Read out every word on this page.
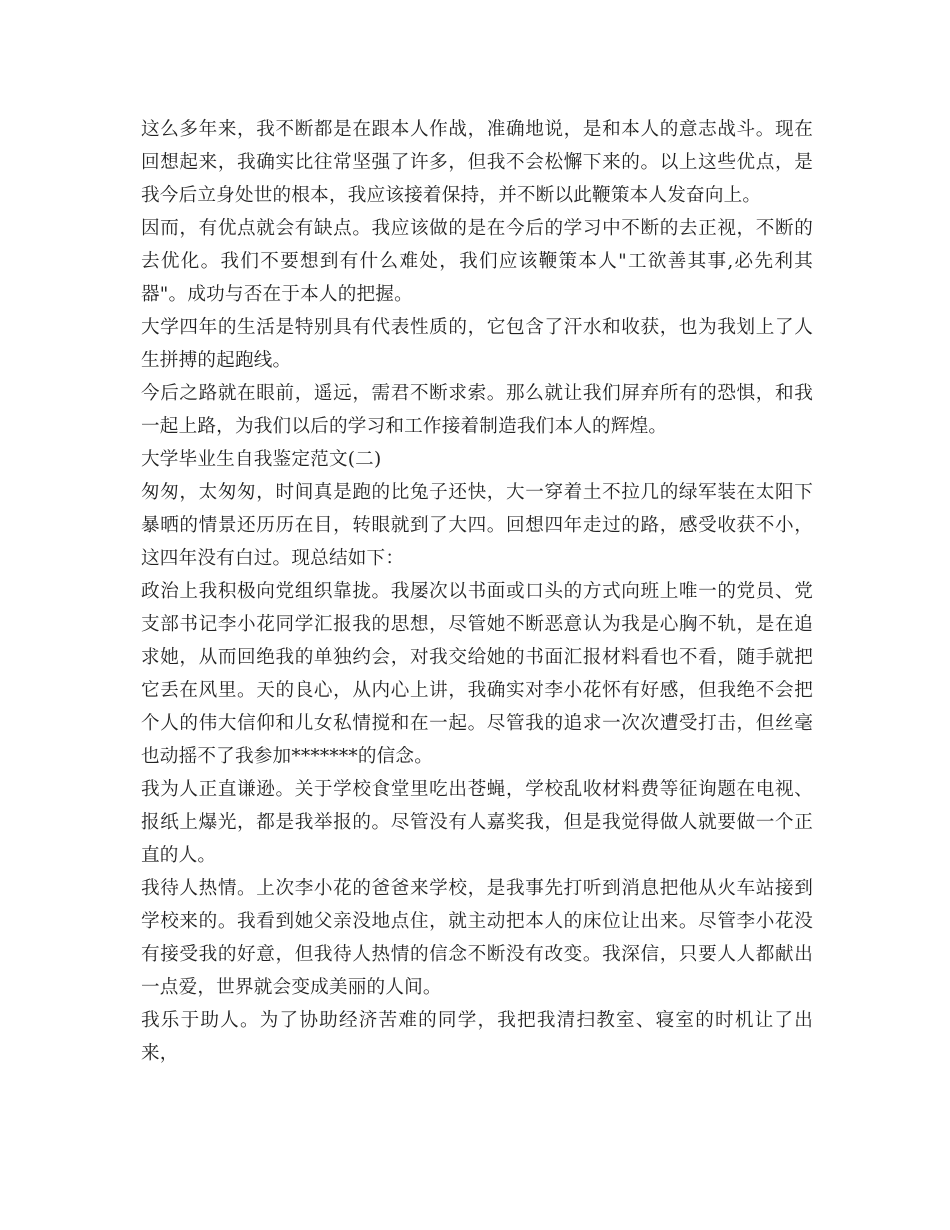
这么多年来，我不断都是在跟本人作战，准确地说，是和本人的意志战斗。现在回想起来，我确实比往常坚强了许多，但我不会松懈下来的。以上这些优点，是我今后立身处世的根本，我应该接着保持，并不断以此鞭策本人发奋向上。

因而，有优点就会有缺点。我应该做的是在今后的学习中不断的去正视，不断的去优化。我们不要想到有什么难处，我们应该鞭策本人"工欲善其事,必先利其器"。成功与否在于本人的把握。

大学四年的生活是特别具有代表性质的，它包含了汗水和收获，也为我划上了人生拼搏的起跑线。

今后之路就在眼前，遥远，需君不断求索。那么就让我们屏弃所有的恐惧，和我一起上路，为我们以后的学习和工作接着制造我们本人的辉煌。

大学毕业生自我鉴定范文(二)

匆匆，太匆匆，时间真是跑的比兔子还快，大一穿着土不拉几的绿军装在太阳下暴晒的情景还历历在目，转眼就到了大四。回想四年走过的路，感受收获不小，这四年没有白过。现总结如下：

政治上我积极向党组织靠拢。我屡次以书面或口头的方式向班上唯一的党员、党支部书记李小花同学汇报我的思想，尽管她不断恶意认为我是心胸不轨，是在追求她，从而回绝我的单独约会，对我交给她的书面汇报材料看也不看，随手就把它丢在风里。天的良心，从内心上讲，我确实对李小花怀有好感，但我绝不会把个人的伟大信仰和儿女私情搅和在一起。尽管我的追求一次次遭受打击，但丝毫也动摇不了我参加*******的信念。

我为人正直谦逊。关于学校食堂里吃出苍蝇，学校乱收材料费等征询题在电视、报纸上爆光，都是我举报的。尽管没有人嘉奖我，但是我觉得做人就要做一个正直的人。

我待人热情。上次李小花的爸爸来学校，是我事先打听到消息把他从火车站接到学校来的。我看到她父亲没地点住，就主动把本人的床位让出来。尽管李小花没有接受我的好意，但我待人热情的信念不断没有改变。我深信，只要人人都献出一点爱，世界就会变成美丽的人间。

我乐于助人。为了协助经济苦难的同学，我把我清扫教室、寝室的时机让了出来，
